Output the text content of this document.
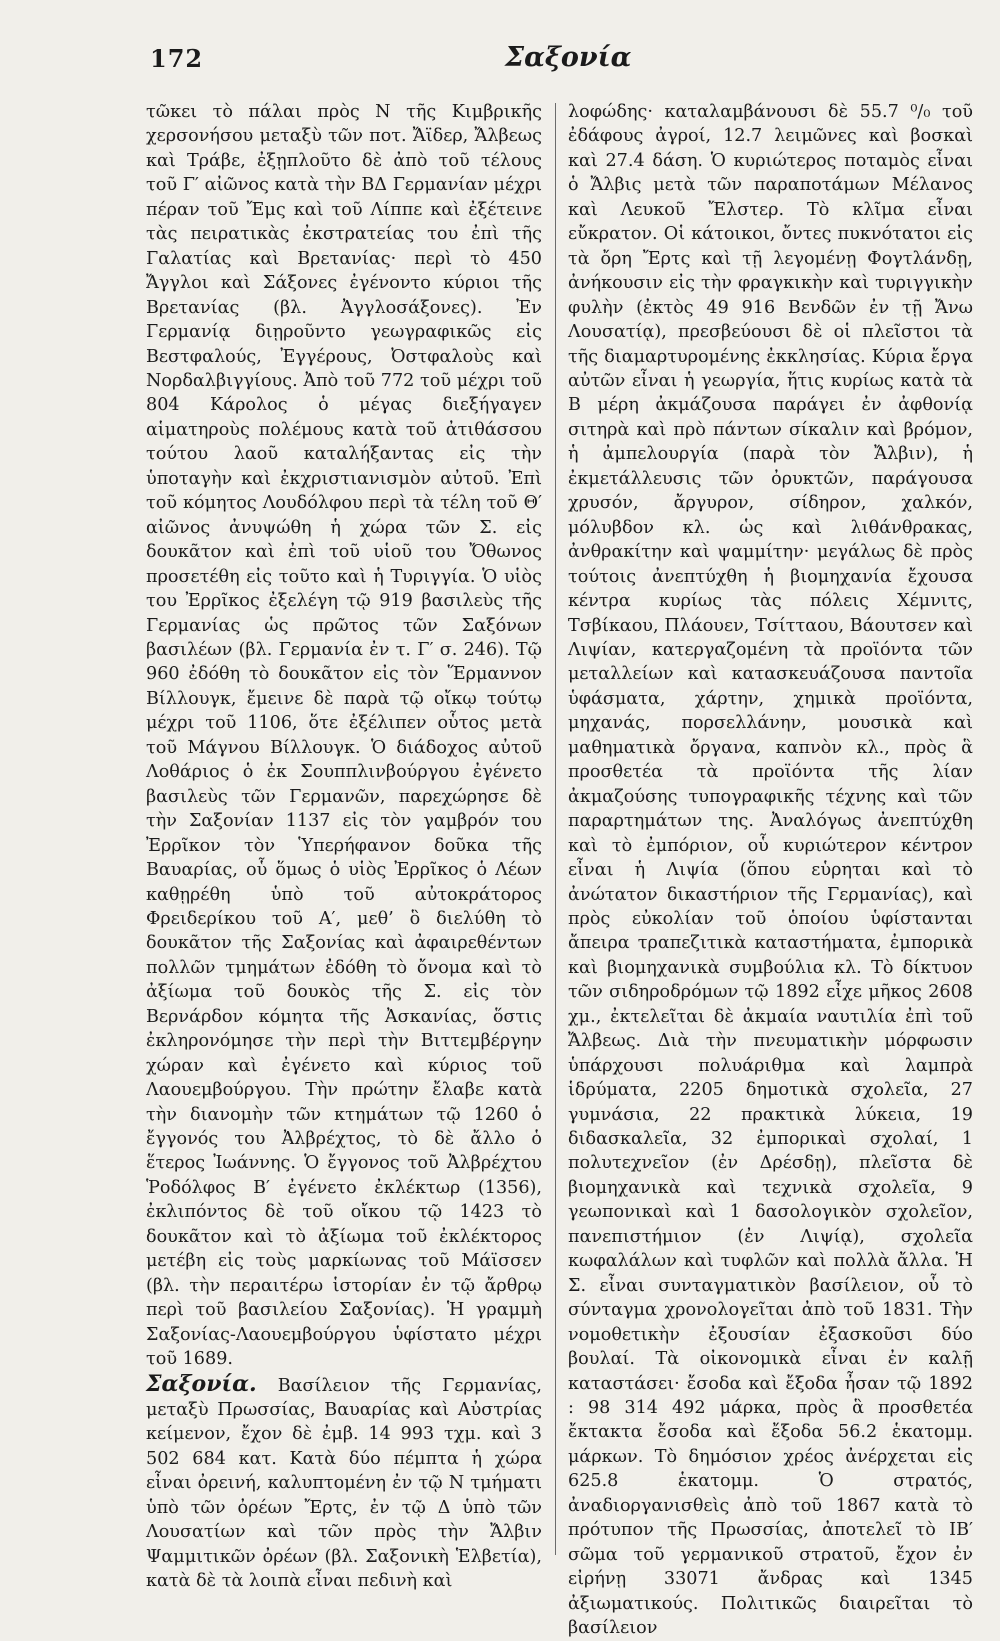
172	Σαξονία

τῶκει τὸ πάλαι πρὸς Ν τῆς Κιμβρικῆς χερσονήσου μεταξὺ τῶν ποτ. Ἄϊδερ, Ἄλβεως καὶ Τράβε, ἐξῃπλοῦτο δὲ ἀπὸ τοῦ τέλους τοῦ Γ′ αἰῶνος κατὰ τὴν ΒΔ Γερμανίαν μέχρι πέραν τοῦ Ἔμς καὶ τοῦ Λίππε καὶ ἐξέτεινε τὰς πειρατικὰς ἐκστρατείας του ἐπὶ τῆς Γαλατίας καὶ Βρετανίας· περὶ τὸ 450 Ἄγγλοι καὶ Σάξονες ἐγένοντο κύριοι τῆς Βρετανίας (βλ. Ἀγγλοσάξονες). Ἐν Γερμανίᾳ διῃροῦντο γεωγραφικῶς εἰς Βεστφαλούς, Ἐγγέρους, Ὀστφαλοὺς καὶ Νορδαλβιγγίους. Ἀπὸ τοῦ 772 τοῦ μέχρι τοῦ 804 Κάρολος ὁ μέγας διεξήγαγεν αἱματηροὺς πολέμους κατὰ τοῦ ἀτιθάσσου τούτου λαοῦ καταλήξαντας εἰς τὴν ὑποταγὴν καὶ ἐκχριστιανισμὸν αὐτοῦ. Ἐπὶ τοῦ κόμητος Λουδόλφου περὶ τὰ τέλη τοῦ Θ′ αἰῶνος ἀνυψώθη ἡ χώρα τῶν Σ. εἰς δουκᾶτον καὶ ἐπὶ τοῦ υἱοῦ του Ὄθωνος προσετέθη εἰς τοῦτο καὶ ἡ Τυριγγία. Ὁ υἱὸς του Ἐρρῖκος ἐξελέγη τῷ 919 βασιλεὺς τῆς Γερμανίας ὡς πρῶτος τῶν Σαξόνων βασιλέων (βλ. Γερμανία ἐν τ. Γ′ σ. 246). Τῷ 960 ἐδόθη τὸ δουκᾶτον εἰς τὸν Ἕρμαννον Βίλλουγκ, ἔμεινε δὲ παρὰ τῷ οἴκῳ τούτῳ μέχρι τοῦ 1106, ὅτε ἐξέλιπεν οὗτος μετὰ τοῦ Μάγνου Βίλλουγκ. Ὁ διάδοχος αὐτοῦ Λοθάριος ὁ ἐκ Σουππλινβούργου ἐγένετο βασιλεὺς τῶν Γερμανῶν, παρεχώρησε δὲ τὴν Σαξονίαν 1137 εἰς τὸν γαμβρόν του Ἐρρῖκον τὸν Ὑπερήφανον δοῦκα τῆς Βαυαρίας, οὗ ὅμως ὁ υἱὸς Ἐρρῖκος ὁ Λέων καθῃρέθη ὑπὸ τοῦ αὐτοκράτορος Φρειδερίκου τοῦ Α′, μεθ’ ὃ διελύθη τὸ δουκᾶτον τῆς Σαξονίας καὶ ἀφαιρεθέντων πολλῶν τμημάτων ἐδόθη τὸ ὄνομα καὶ τὸ ἀξίωμα τοῦ δουκὸς τῆς Σ. εἰς τὸν Βερνάρδον κόμητα τῆς Ἀσκανίας, ὅστις ἐκληρονόμησε τὴν περὶ τὴν Βιττεμβέργην χώραν καὶ ἐγένετο καὶ κύριος τοῦ Λαουεμβούργου. Τὴν πρώτην ἔλαβε κατὰ τὴν διανομὴν τῶν κτημάτων τῷ 1260 ὁ ἔγγονός του Ἀλβρέχτος, τὸ δὲ ἄλλο ὁ ἕτερος Ἰωάννης. Ὁ ἔγγονος τοῦ Ἀλβρέχτου Ῥοδόλφος Β′ ἐγένετο ἐκλέκτωρ (1356), ἐκλιπόντος δὲ τοῦ οἴκου τῷ 1423 τὸ δουκᾶτον καὶ τὸ ἀξίωμα τοῦ ἐκλέκτορος μετέβη εἰς τοὺς μαρκίωνας τοῦ Μάϊσσεν (βλ. τὴν περαιτέρω ἱστορίαν ἐν τῷ ἄρθρῳ περὶ τοῦ βασιλείου Σαξονίας). Ἡ γραμμὴ Σαξονίας-Λαουεμβούργου ὑφίστατο μέχρι τοῦ 1689.

Σαξονία. Βασίλειον τῆς Γερμανίας, μεταξὺ Πρωσσίας, Βαυαρίας καὶ Αὐστρίας κείμενον, ἔχον δὲ ἐμβ. 14 993 τχμ. καὶ 3 502 684 κατ. Κατὰ δύο πέμπτα ἡ χώρα εἶναι ὀρεινή, καλυπτομένη ἐν τῷ Ν τμήματι ὑπὸ τῶν ὀρέων Ἔρτς, ἐν τῷ Δ ὑπὸ τῶν Λουσατίων καὶ τῶν πρὸς τὴν Ἄλβιν Ψαμμιτικῶν ὀρέων (βλ. Σαξονικὴ Ἑλβετία), κατὰ δὲ τὰ λοιπὰ εἶναι πεδινὴ καὶ

λοφώδης· καταλαμβάνουσι δὲ 55.7 ⁰/₀ τοῦ ἐδάφους ἀγροί, 12.7 λειμῶνες καὶ βοσκαὶ καὶ 27.4 δάση. Ὁ κυριώτερος ποταμὸς εἶναι ὁ Ἄλβις μετὰ τῶν παραποτάμων Μέλανος καὶ Λευκοῦ Ἔλστερ. Τὸ κλῖμα εἶναι εὔκρατον. Οἱ κάτοικοι, ὄντες πυκνότατοι εἰς τὰ ὄρη Ἔρτς καὶ τῇ λεγομένῃ Φογτλάνδῃ, ἀνήκουσιν εἰς τὴν φραγκικὴν καὶ τυριγγικὴν φυλὴν (ἐκτὸς 49 916 Βενδῶν ἐν τῇ Ἄνω Λουσατίᾳ), πρεσβεύουσι δὲ οἱ πλεῖστοι τὰ τῆς διαμαρτυρομένης ἐκκλησίας. Κύρια ἔργα αὐτῶν εἶναι ἡ γεωργία, ἥτις κυρίως κατὰ τὰ Β μέρη ἀκμάζουσα παράγει ἐν ἀφθονίᾳ σιτηρὰ καὶ πρὸ πάντων σίκαλιν καὶ βρόμον, ἡ ἀμπελουργία (παρὰ τὸν Ἄλβιν), ἡ ἐκμετάλλευσις τῶν ὀρυκτῶν, παράγουσα χρυσόν, ἄργυρον, σίδηρον, χαλκόν, μόλυβδον κλ. ὡς καὶ λιθάνθρακας, ἀνθρακίτην καὶ ψαμμίτην· μεγάλως δὲ πρὸς τούτοις ἀνεπτύχθη ἡ βιομηχανία ἔχουσα κέντρα κυρίως τὰς πόλεις Χέμνιτς, Τσβίκαου, Πλάουεν, Τσίτταου, Βάουτσεν καὶ Λιψίαν, κατεργαζομένη τὰ προϊόντα τῶν μεταλλείων καὶ κατασκευάζουσα παντοῖα ὑφάσματα, χάρτην, χημικὰ προϊόντα, μηχανάς, πορσελλάνην, μουσικὰ καὶ μαθηματικὰ ὄργανα, καπνὸν κλ., πρὸς ἃ προσθετέα τὰ προϊόντα τῆς λίαν ἀκμαζούσης τυπογραφικῆς τέχνης καὶ τῶν παραρτημάτων της. Ἀναλόγως ἀνεπτύχθη καὶ τὸ ἐμπόριον, οὗ κυριώτερον κέντρον εἶναι ἡ Λιψία (ὅπου εὑρηται καὶ τὸ ἀνώτατον δικαστήριον τῆς Γερμανίας), καὶ πρὸς εὐκολίαν τοῦ ὁποίου ὑφίστανται ἄπειρα τραπεζιτικὰ καταστήματα, ἐμπορικὰ καὶ βιομηχανικὰ συμβούλια κλ. Τὸ δίκτυον τῶν σιδηροδρόμων τῷ 1892 εἶχε μῆκος 2608 χμ., ἐκτελεῖται δὲ ἀκμαία ναυτιλία ἐπὶ τοῦ Ἄλβεως. Διὰ τὴν πνευματικὴν μόρφωσιν ὑπάρχουσι πολυάριθμα καὶ λαμπρὰ ἱδρύματα, 2205 δημοτικὰ σχολεῖα, 27 γυμνάσια, 22 πρακτικὰ λύκεια, 19 διδασκαλεῖα, 32 ἐμπορικαὶ σχολαί, 1 πολυτεχνεῖον (ἐν Δρέσδῃ), πλεῖστα δὲ βιομηχανικὰ καὶ τεχνικὰ σχολεῖα, 9 γεωπονικαὶ καὶ 1 δασολογικὸν σχολεῖον, πανεπιστήμιον (ἐν Λιψίᾳ), σχολεῖα κωφαλάλων καὶ τυφλῶν καὶ πολλὰ ἄλλα. Ἡ Σ. εἶναι συνταγματικὸν βασίλειον, οὗ τὸ σύνταγμα χρονολογεῖται ἀπὸ τοῦ 1831. Τὴν νομοθετικὴν ἐξουσίαν ἐξασκοῦσι δύο βουλαί. Τὰ οἰκονομικὰ εἶναι ἐν καλῇ καταστάσει· ἔσοδα καὶ ἔξοδα ἦσαν τῷ 1892 : 98 314 492 μάρκα, πρὸς ἃ προσθετέα ἔκτακτα ἔσοδα καὶ ἔξοδα 56.2 ἑκατομμ. μάρκων. Τὸ δημόσιον χρέος ἀνέρχεται εἰς 625.8 ἑκατομμ. Ὁ στρατός, ἀναδιοργανισθεὶς ἀπὸ τοῦ 1867 κατὰ τὸ πρότυπον τῆς Πρωσσίας, ἀποτελεῖ τὸ ΙΒ′ σῶμα τοῦ γερμανικοῦ στρατοῦ, ἔχον ἐν εἰρήνῃ 33071 ἄνδρας καὶ 1345 ἀξιωματικούς. Πολιτικῶς διαιρεῖται τὸ βασίλειον
